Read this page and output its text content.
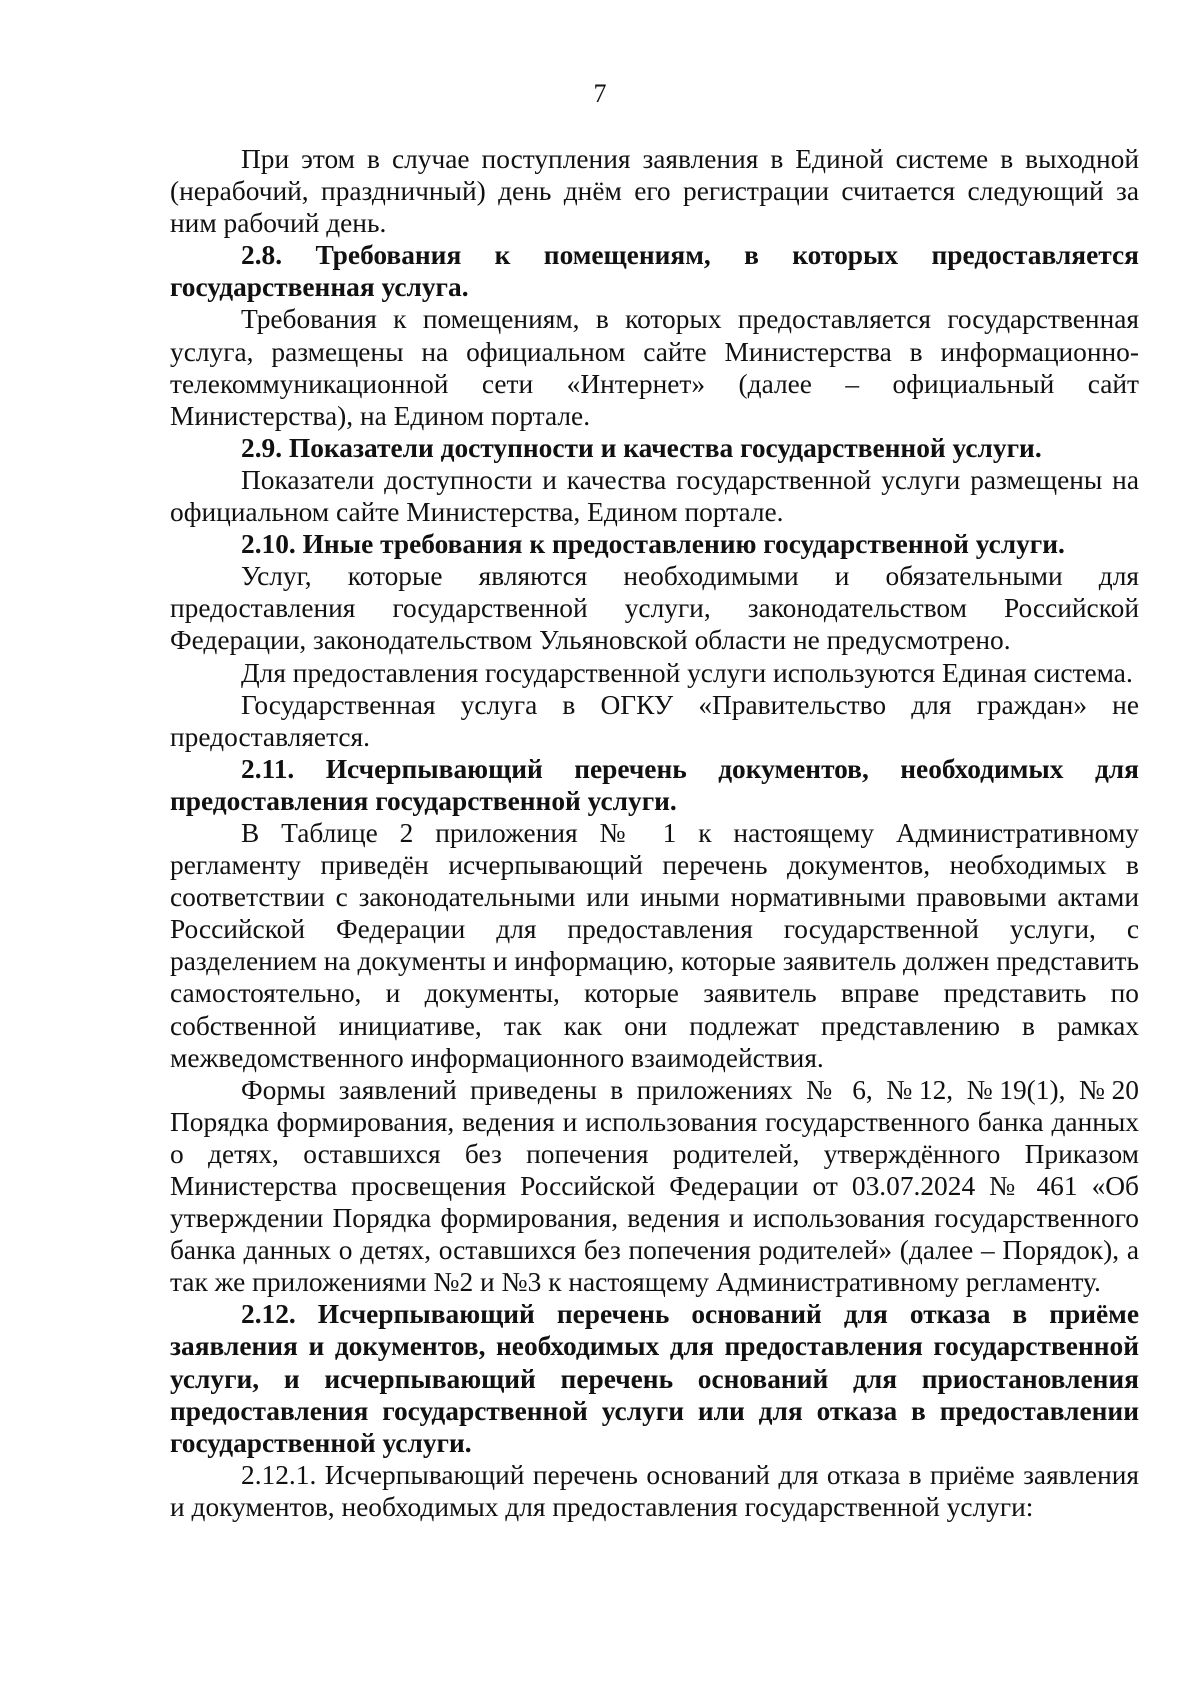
7

При этом в случае поступления заявления в Единой системе в выходной (нерабочий, праздничный) день днём его регистрации считается следующий за ним рабочий день.

2.8. Требования к помещениям, в которых предоставляется государственная услуга.

Требования к помещениям, в которых предоставляется государственная услуга, размещены на официальном сайте Министерства в информационно-телекоммуникационной сети «Интернет» (далее – официальный сайт Министерства), на Едином портале.

2.9. Показатели доступности и качества государственной услуги.

Показатели доступности и качества государственной услуги размещены на официальном сайте Министерства, Едином портале.

2.10. Иные требования к предоставлению государственной услуги.

Услуг, которые являются необходимыми и обязательными для предоставления государственной услуги, законодательством Российской Федерации, законодательством Ульяновской области не предусмотрено.

Для предоставления государственной услуги используются Единая система.

Государственная услуга в ОГКУ «Правительство для граждан» не предоставляется.

2.11. Исчерпывающий перечень документов, необходимых для предоставления государственной услуги.

В Таблице 2 приложения № 1 к настоящему Административному регламенту приведён исчерпывающий перечень документов, необходимых в соответствии с законодательными или иными нормативными правовыми актами Российской Федерации для предоставления государственной услуги, с разделением на документы и информацию, которые заявитель должен представить самостоятельно, и документы, которые заявитель вправе представить по собственной инициативе, так как они подлежат представлению в рамках межведомственного информационного взаимодействия.

Формы заявлений приведены в приложениях № 6, №12, №19(1), №20 Порядка формирования, ведения и использования государственного банка данных о детях, оставшихся без попечения родителей, утверждённого Приказом Министерства просвещения Российской Федерации от 03.07.2024 № 461 «Об утверждении Порядка формирования, ведения и использования государственного банка данных о детях, оставшихся без попечения родителей» (далее – Порядок), а так же приложениями №2 и №3 к настоящему Административному регламенту.

2.12. Исчерпывающий перечень оснований для отказа в приёме заявления и документов, необходимых для предоставления государственной услуги, и исчерпывающий перечень оснований для приостановления предоставления государственной услуги или для отказа в предоставлении государственной услуги.

2.12.1. Исчерпывающий перечень оснований для отказа в приёме заявления и документов, необходимых для предоставления государственной услуги:
